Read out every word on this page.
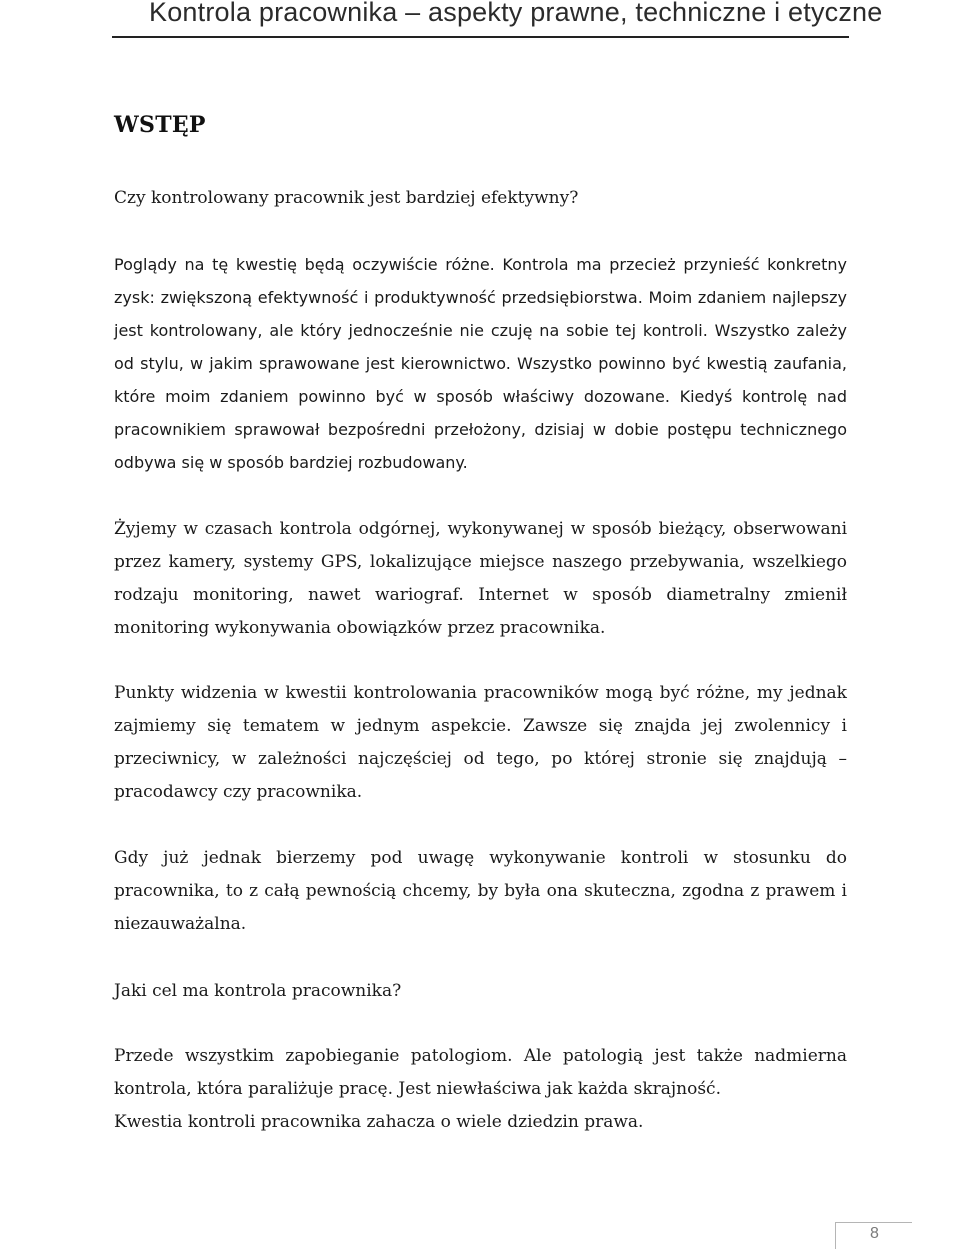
Kontrola pracownika – aspekty prawne, techniczne i etyczne
WSTĘP

Czy kontrolowany pracownik jest bardziej efektywny?

Poglądy na tę kwestię będą oczywiście różne. Kontrola ma przecież przynieść konkretny zysk: zwiększoną efektywność i produktywność przedsiębiorstwa. Moim zdaniem najlepszy jest kontrolowany, ale który jednocześnie nie czuję na sobie tej kontroli. Wszystko zależy od stylu, w jakim sprawowane jest kierownictwo. Wszystko powinno być kwestią zaufania, które moim zdaniem powinno być w sposób właściwy dozowane. Kiedyś kontrolę nad pracownikiem sprawował bezpośredni przełożony, dzisiaj w dobie postępu technicznego odbywa się w sposób bardziej rozbudowany.

Żyjemy w czasach kontrola odgórnej, wykonywanej w sposób bieżący, obserwowani przez kamery, systemy GPS, lokalizujące miejsce naszego przebywania, wszelkiego rodzaju monitoring, nawet wariograf. Internet w sposób diametralny zmienił monitoring wykonywania obowiązków przez pracownika.

Punkty widzenia w kwestii kontrolowania pracowników mogą być różne, my jednak zajmiemy się tematem w jednym aspekcie. Zawsze się znajda jej zwolennicy i przeciwnicy, w zależności najczęściej od tego, po której stronie się znajdują – pracodawcy czy pracownika.

Gdy już jednak bierzemy pod uwagę wykonywanie kontroli w stosunku do pracownika, to z całą pewnością chcemy, by była ona skuteczna, zgodna z prawem i niezauważalna.

Jaki cel ma kontrola pracownika?

Przede wszystkim zapobieganie patologiom. Ale patologią jest także nadmierna kontrola, która paraliżuje pracę. Jest niewłaściwa jak każda skrajność.

Kwestia kontroli pracownika zahacza o wiele dziedzin prawa.

8
